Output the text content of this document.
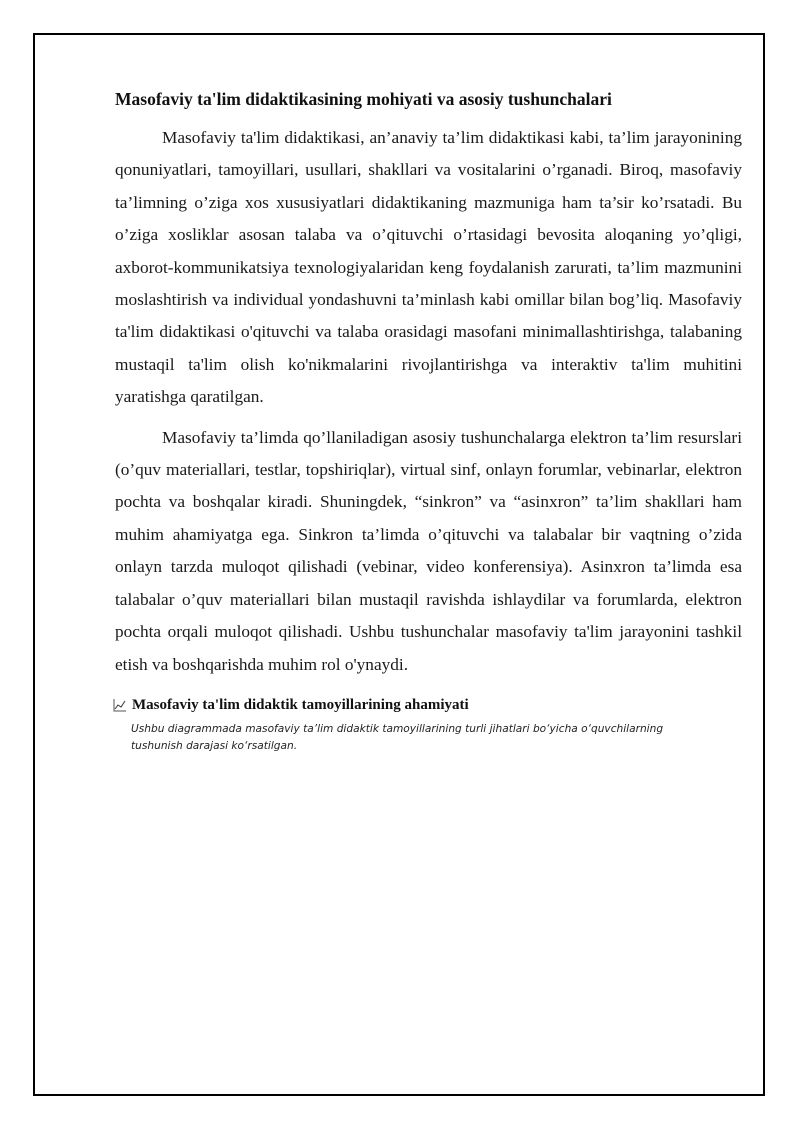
Masofaviy ta'lim didaktikasining mohiyati va asosiy tushunchalari

Masofaviy ta'lim didaktikasi, an’anaviy ta’lim didaktikasi kabi, ta’lim jarayonining qonuniyatlari, tamoyillari, usullari, shakllari va vositalarini o’rganadi. Biroq, masofaviy ta’limning o’ziga xos xususiyatlari didaktikaning mazmuniga ham ta’sir ko’rsatadi. Bu o’ziga xosliklar asosan talaba va o’qituvchi o’rtasidagi bevosita aloqaning yo’qligi, axborot-kommunikatsiya texnologiyalaridan keng foydalanish zarurati, ta’lim mazmunini moslashtirish va individual yondashuvni ta’minlash kabi omillar bilan bog’liq. Masofaviy ta'lim didaktikasi o'qituvchi va talaba orasidagi masofani minimallashtirishga, talabaning mustaqil ta'lim olish ko'nikmalarini rivojlantirishga va interaktiv ta'lim muhitini yaratishga qaratilgan.

Masofaviy ta’limda qo’llaniladigan asosiy tushunchalarga elektron ta’lim resurslari (o’quv materiallari, testlar, topshiriqlar), virtual sinf, onlayn forumlar, vebinarlar, elektron pochta va boshqalar kiradi. Shuningdek, “sinkron” va “asinxron” ta’lim shakllari ham muhim ahamiyatga ega. Sinkron ta’limda o’qituvchi va talabalar bir vaqtning o’zida onlayn tarzda muloqot qilishadi (vebinar, video konferensiya). Asinxron ta’limda esa talabalar o’quv materiallari bilan mustaqil ravishda ishlaydilar va forumlarda, elektron pochta orqali muloqot qilishadi. Ushbu tushunchalar masofaviy ta'lim jarayonini tashkil etish va boshqarishda muhim rol o'ynaydi.

Masofaviy ta'lim didaktik tamoyillarining ahamiyati
Ushbu diagrammada masofaviy ta’lim didaktik tamoyillarining turli jihatlari bo‘yicha o‘quvchilarning tushunish darajasi ko‘rsatilgan.
